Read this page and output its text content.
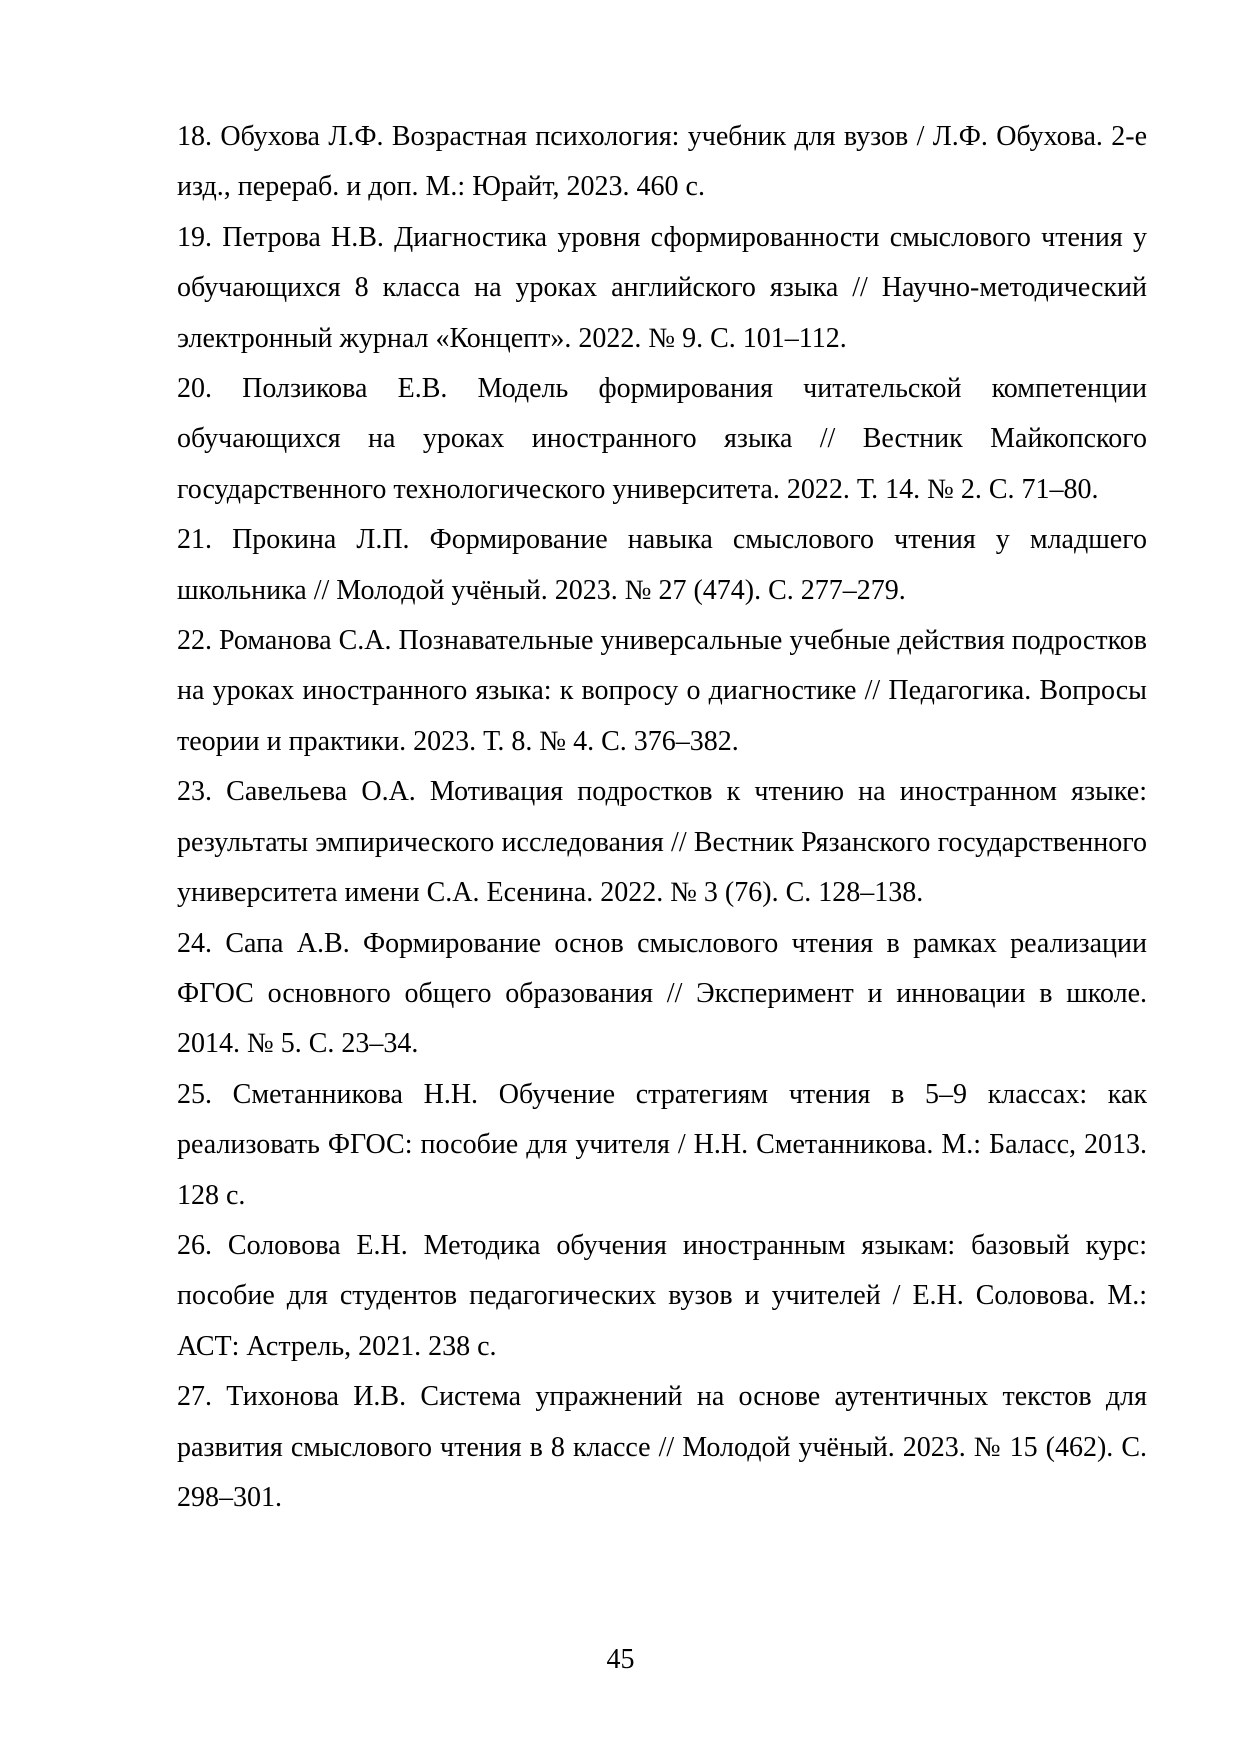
18. Обухова Л.Ф. Возрастная психология: учебник для вузов / Л.Ф. Обухова. 2-е изд., перераб. и доп. М.: Юрайт, 2023. 460 с.
19. Петрова Н.В. Диагностика уровня сформированности смыслового чтения у обучающихся 8 класса на уроках английского языка // Научно-методический электронный журнал «Концепт». 2022. № 9. С. 101–112.
20. Ползикова Е.В. Модель формирования читательской компетенции обучающихся на уроках иностранного языка // Вестник Майкопского государственного технологического университета. 2022. Т. 14. № 2. С. 71–80.
21. Прокина Л.П. Формирование навыка смыслового чтения у младшего школьника // Молодой учёный. 2023. № 27 (474). С. 277–279.
22. Романова С.А. Познавательные универсальные учебные действия подростков на уроках иностранного языка: к вопросу о диагностике // Педагогика. Вопросы теории и практики. 2023. Т. 8. № 4. С. 376–382.
23. Савельева О.А. Мотивация подростков к чтению на иностранном языке: результаты эмпирического исследования // Вестник Рязанского государственного университета имени С.А. Есенина. 2022. № 3 (76). С. 128–138.
24. Сапа А.В. Формирование основ смыслового чтения в рамках реализации ФГОС основного общего образования // Эксперимент и инновации в школе. 2014. № 5. С. 23–34.
25. Сметанникова Н.Н. Обучение стратегиям чтения в 5–9 классах: как реализовать ФГОС: пособие для учителя / Н.Н. Сметанникова. М.: Баласс, 2013. 128 с.
26. Соловова Е.Н. Методика обучения иностранным языкам: базовый курс: пособие для студентов педагогических вузов и учителей / Е.Н. Соловова. М.: АСТ: Астрель, 2021. 238 с.
27. Тихонова И.В. Система упражнений на основе аутентичных текстов для развития смыслового чтения в 8 классе // Молодой учёный. 2023. № 15 (462). С. 298–301.
45
